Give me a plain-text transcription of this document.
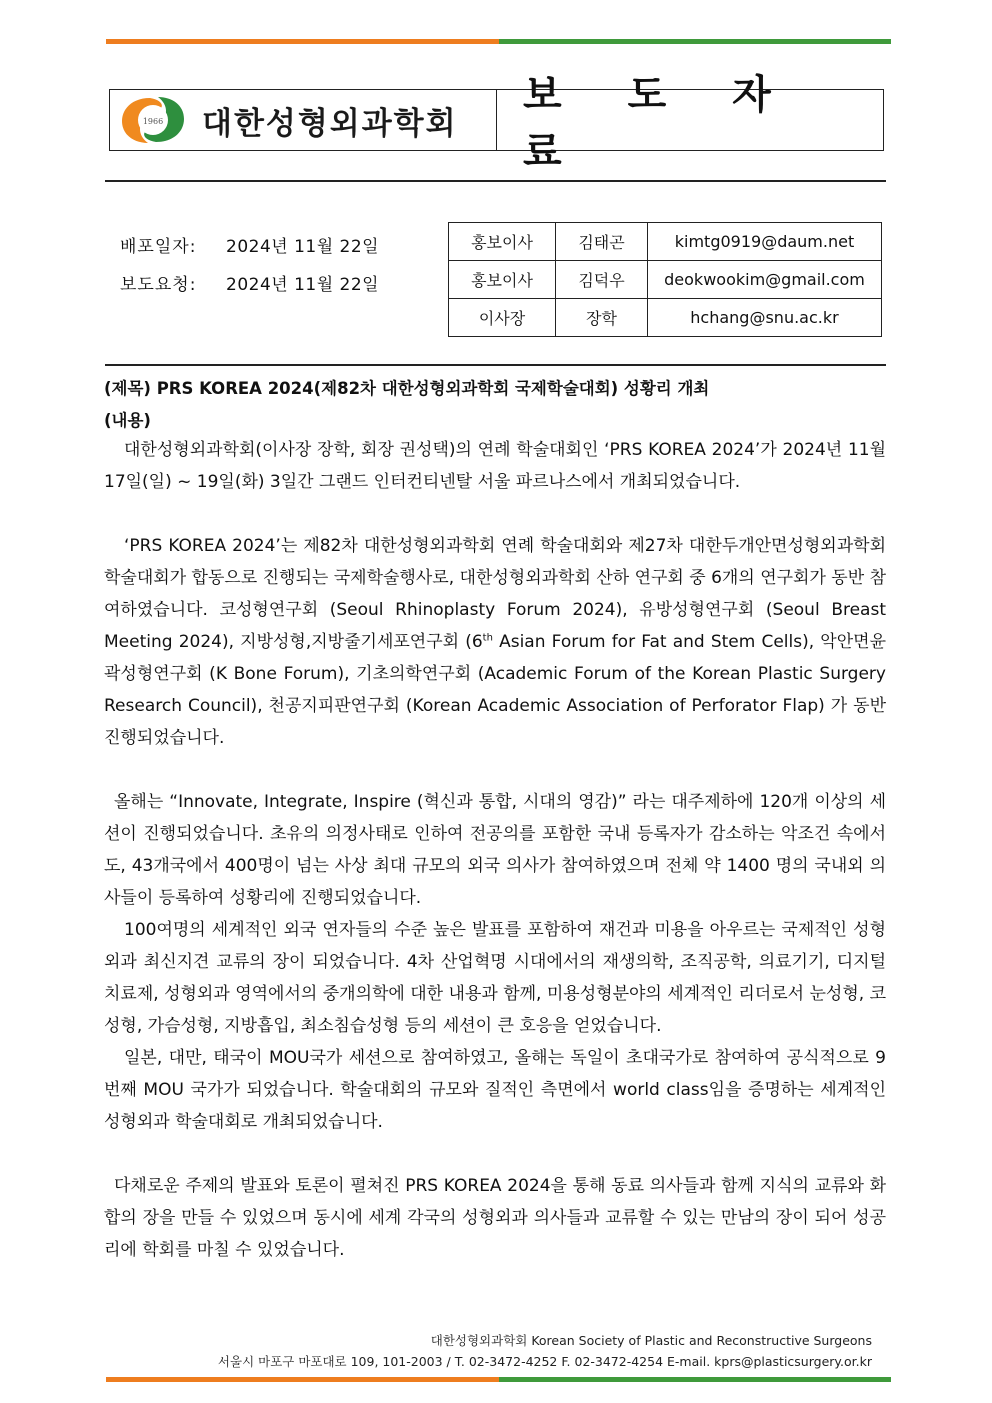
1966 대한성형외과학회
보 도 자 료
배포일자:	2024년 11월 22일
보도요청:	2024년 11월 22일
홍보이사	김태곤	kimtg0919@daum.net
홍보이사	김덕우	deokwookim@gmail.com
이사장	장학	hchang@snu.ac.kr
(제목) PRS KOREA 2024(제82차 대한성형외과학회 국제학술대회) 성황리 개최
(내용)

대한성형외과학회(이사장 장학, 회장 권성택)의 연례 학술대회인 ‘PRS KOREA 2024’가 2024년 11월 17일(일) ~ 19일(화) 3일간 그랜드 인터컨티넨탈 서울 파르나스에서 개최되었습니다.

‘PRS KOREA 2024’는 제82차 대한성형외과학회 연례 학술대회와 제27차 대한두개안면성형외과학회 학술대회가 합동으로 진행되는 국제학술행사로, 대한성형외과학회 산하 연구회 중 6개의 연구회가 동반 참여하였습니다. 코성형연구회 (Seoul Rhinoplasty Forum 2024), 유방성형연구회 (Seoul Breast Meeting 2024), 지방성형,지방줄기세포연구회 (6th Asian Forum for Fat and Stem Cells), 악안면윤곽성형연구회 (K Bone Forum), 기초의학연구회 (Academic Forum of the Korean Plastic Surgery Research Council), 천공지피판연구회 (Korean Academic Association of Perforator Flap) 가 동반 진행되었습니다.

올해는 “Innovate, Integrate, Inspire (혁신과 통합, 시대의 영감)” 라는 대주제하에 120개 이상의 세션이 진행되었습니다. 초유의 의정사태로 인하여 전공의를 포함한 국내 등록자가 감소하는 악조건 속에서도, 43개국에서 400명이 넘는 사상 최대 규모의 외국 의사가 참여하였으며 전체 약 1400 명의 국내외 의사들이 등록하여 성황리에 진행되었습니다.

100여명의 세계적인 외국 연자들의 수준 높은 발표를 포함하여 재건과 미용을 아우르는 국제적인 성형외과 최신지견 교류의 장이 되었습니다. 4차 산업혁명 시대에서의 재생의학, 조직공학, 의료기기, 디지털 치료제, 성형외과 영역에서의 중개의학에 대한 내용과 함께, 미용성형분야의 세계적인 리더로서 눈성형, 코성형, 가슴성형, 지방흡입, 최소침습성형 등의 세션이 큰 호응을 얻었습니다.

일본, 대만, 태국이 MOU국가 세션으로 참여하였고, 올해는 독일이 초대국가로 참여하여 공식적으로 9번째 MOU 국가가 되었습니다. 학술대회의 규모와 질적인 측면에서 world class임을 증명하는 세계적인 성형외과 학술대회로 개최되었습니다.

다채로운 주제의 발표와 토론이 펼쳐진 PRS KOREA 2024을 통해 동료 의사들과 함께 지식의 교류와 화합의 장을 만들 수 있었으며 동시에 세계 각국의 성형외과 의사들과 교류할 수 있는 만남의 장이 되어 성공리에 학회를 마칠 수 있었습니다.

대한성형외과학회 Korean Society of Plastic and Reconstructive Surgeons
서울시 마포구 마포대로 109, 101-2003 / T. 02-3472-4252 F. 02-3472-4254 E-mail. kprs@plasticsurgery.or.kr
